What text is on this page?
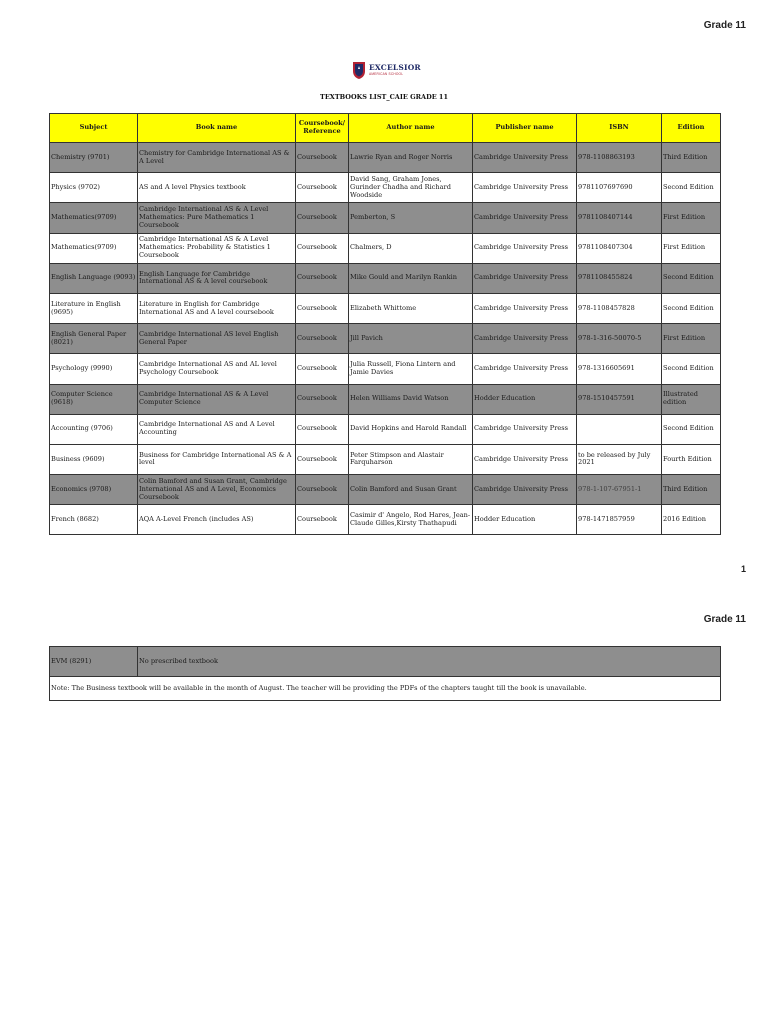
Grade 11
EXCELSIOR
AMERICAN SCHOOL
TEXTBOOKS LIST_CAIE GRADE 11
Subject	Book name	Coursebook/ Reference	Author name	Publisher name	ISBN	Edition
Chemistry (9701)	Chemistry for Cambridge International AS & A Level	Coursebook	Lawrie Ryan and Roger Norris	Cambridge University Press	978-1108863193	Third Edition
Physics (9702)	AS and A level Physics textbook	Coursebook	David Sang, Graham Jones, Gurinder Chadha and Richard Woodside	Cambridge University Press	9781107697690	Second Edition
Mathematics(9709)	Cambridge International AS & A Level Mathematics: Pure Mathematics 1 Coursebook	Coursebook	Pemberton, S	Cambridge University Press	9781108407144	First Edition
Mathematics(9709)	Cambridge International AS & A Level Mathematics: Probability & Statistics 1 Coursebook	Coursebook	Chalmers, D	Cambridge University Press	9781108407304	First Edition
English Language (9093)	English Language for Cambridge International AS & A level coursebook	Coursebook	Mike Gould and Marilyn Rankin	Cambridge University Press	9781108455824	Second Edition
Literature in English (9695)	Literature in English for Cambridge International AS and A level coursebook	Coursebook	Elizabeth Whittome	Cambridge University Press	978-1108457828	Second Edition
English General Paper (8021)	Cambridge International AS level English General Paper	Coursebook	Jill Pavich	Cambridge University Press	978-1-316-50070-5	First Edition
Psychology (9990)	Cambridge International AS and AL level Psychology Coursebook	Coursebook	Julia Russell, Fiona Lintern and Jamie Davies	Cambridge University Press	978-1316605691	Second Edition
Computer Science (9618)	Cambridge International AS & A Level Computer Science	Coursebook	Helen Williams David Watson	Hodder Education	978-1510457591	Illustrated edition
Accounting (9706)	Cambridge International AS and A Level Accounting	Coursebook	David Hopkins and Harold Randall	Cambridge University Press		Second Edition
Business (9609)	Business for Cambridge International AS & A level	Coursebook	Peter Stimpson and Alastair Farquharson	Cambridge University Press	to be released by July 2021	Fourth Edition
Economics (9708)	Colin Bamford and Susan Grant, Cambridge International AS and A Level, Economics Coursebook	Coursebook	Colin Bamford and Susan Grant	Cambridge University Press	978-1-107-67951-1	Third Edition
French (8682)	AQA A-Level French (includes AS)	Coursebook	Casimir d' Angelo, Rod Hares, Jean-Claude Gilles,Kirsty Thathapudi	Hodder Education	978-1471857959	2016 Edition
1
Grade 11
EVM (8291)	No prescribed textbook
Note: The Business textbook will be available in the month of August. The teacher will be providing the PDFs of the chapters taught till the book is unavailable.
